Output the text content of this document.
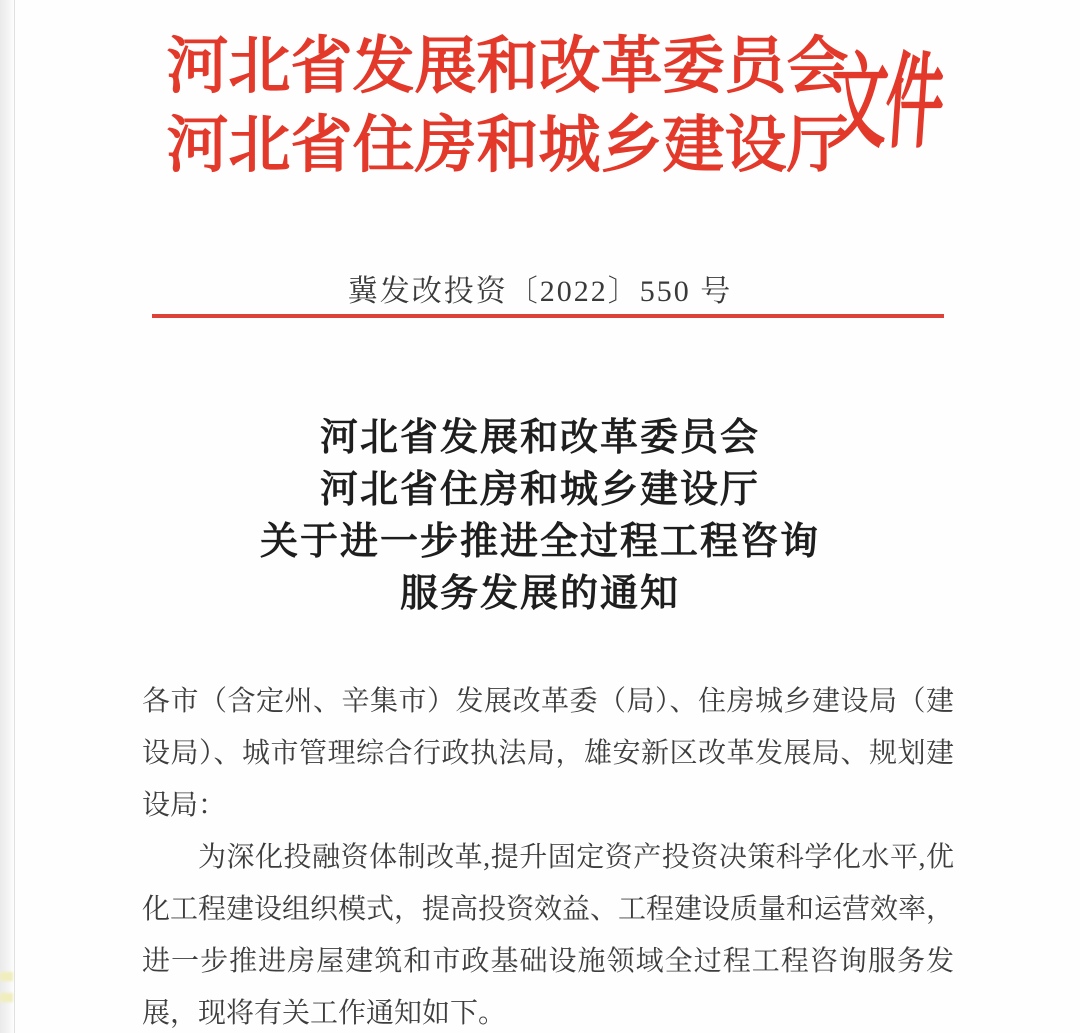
河北省发展和改革委员会
河北省住房和城乡建设厅
文件
冀发改投资〔2022〕550 号
河北省发展和改革委员会
河北省住房和城乡建设厅
关于进一步推进全过程工程咨询
服务发展的通知

各市（含定州、辛集市）发展改革委（局）、住房城乡建设局（建设局）、城市管理综合行政执法局，雄安新区改革发展局、规划建设局：

为深化投融资体制改革,提升固定资产投资决策科学化水平,优化工程建设组织模式，提高投资效益、工程建设质量和运营效率，进一步推进房屋建筑和市政基础设施领域全过程工程咨询服务发展，现将有关工作通知如下。
